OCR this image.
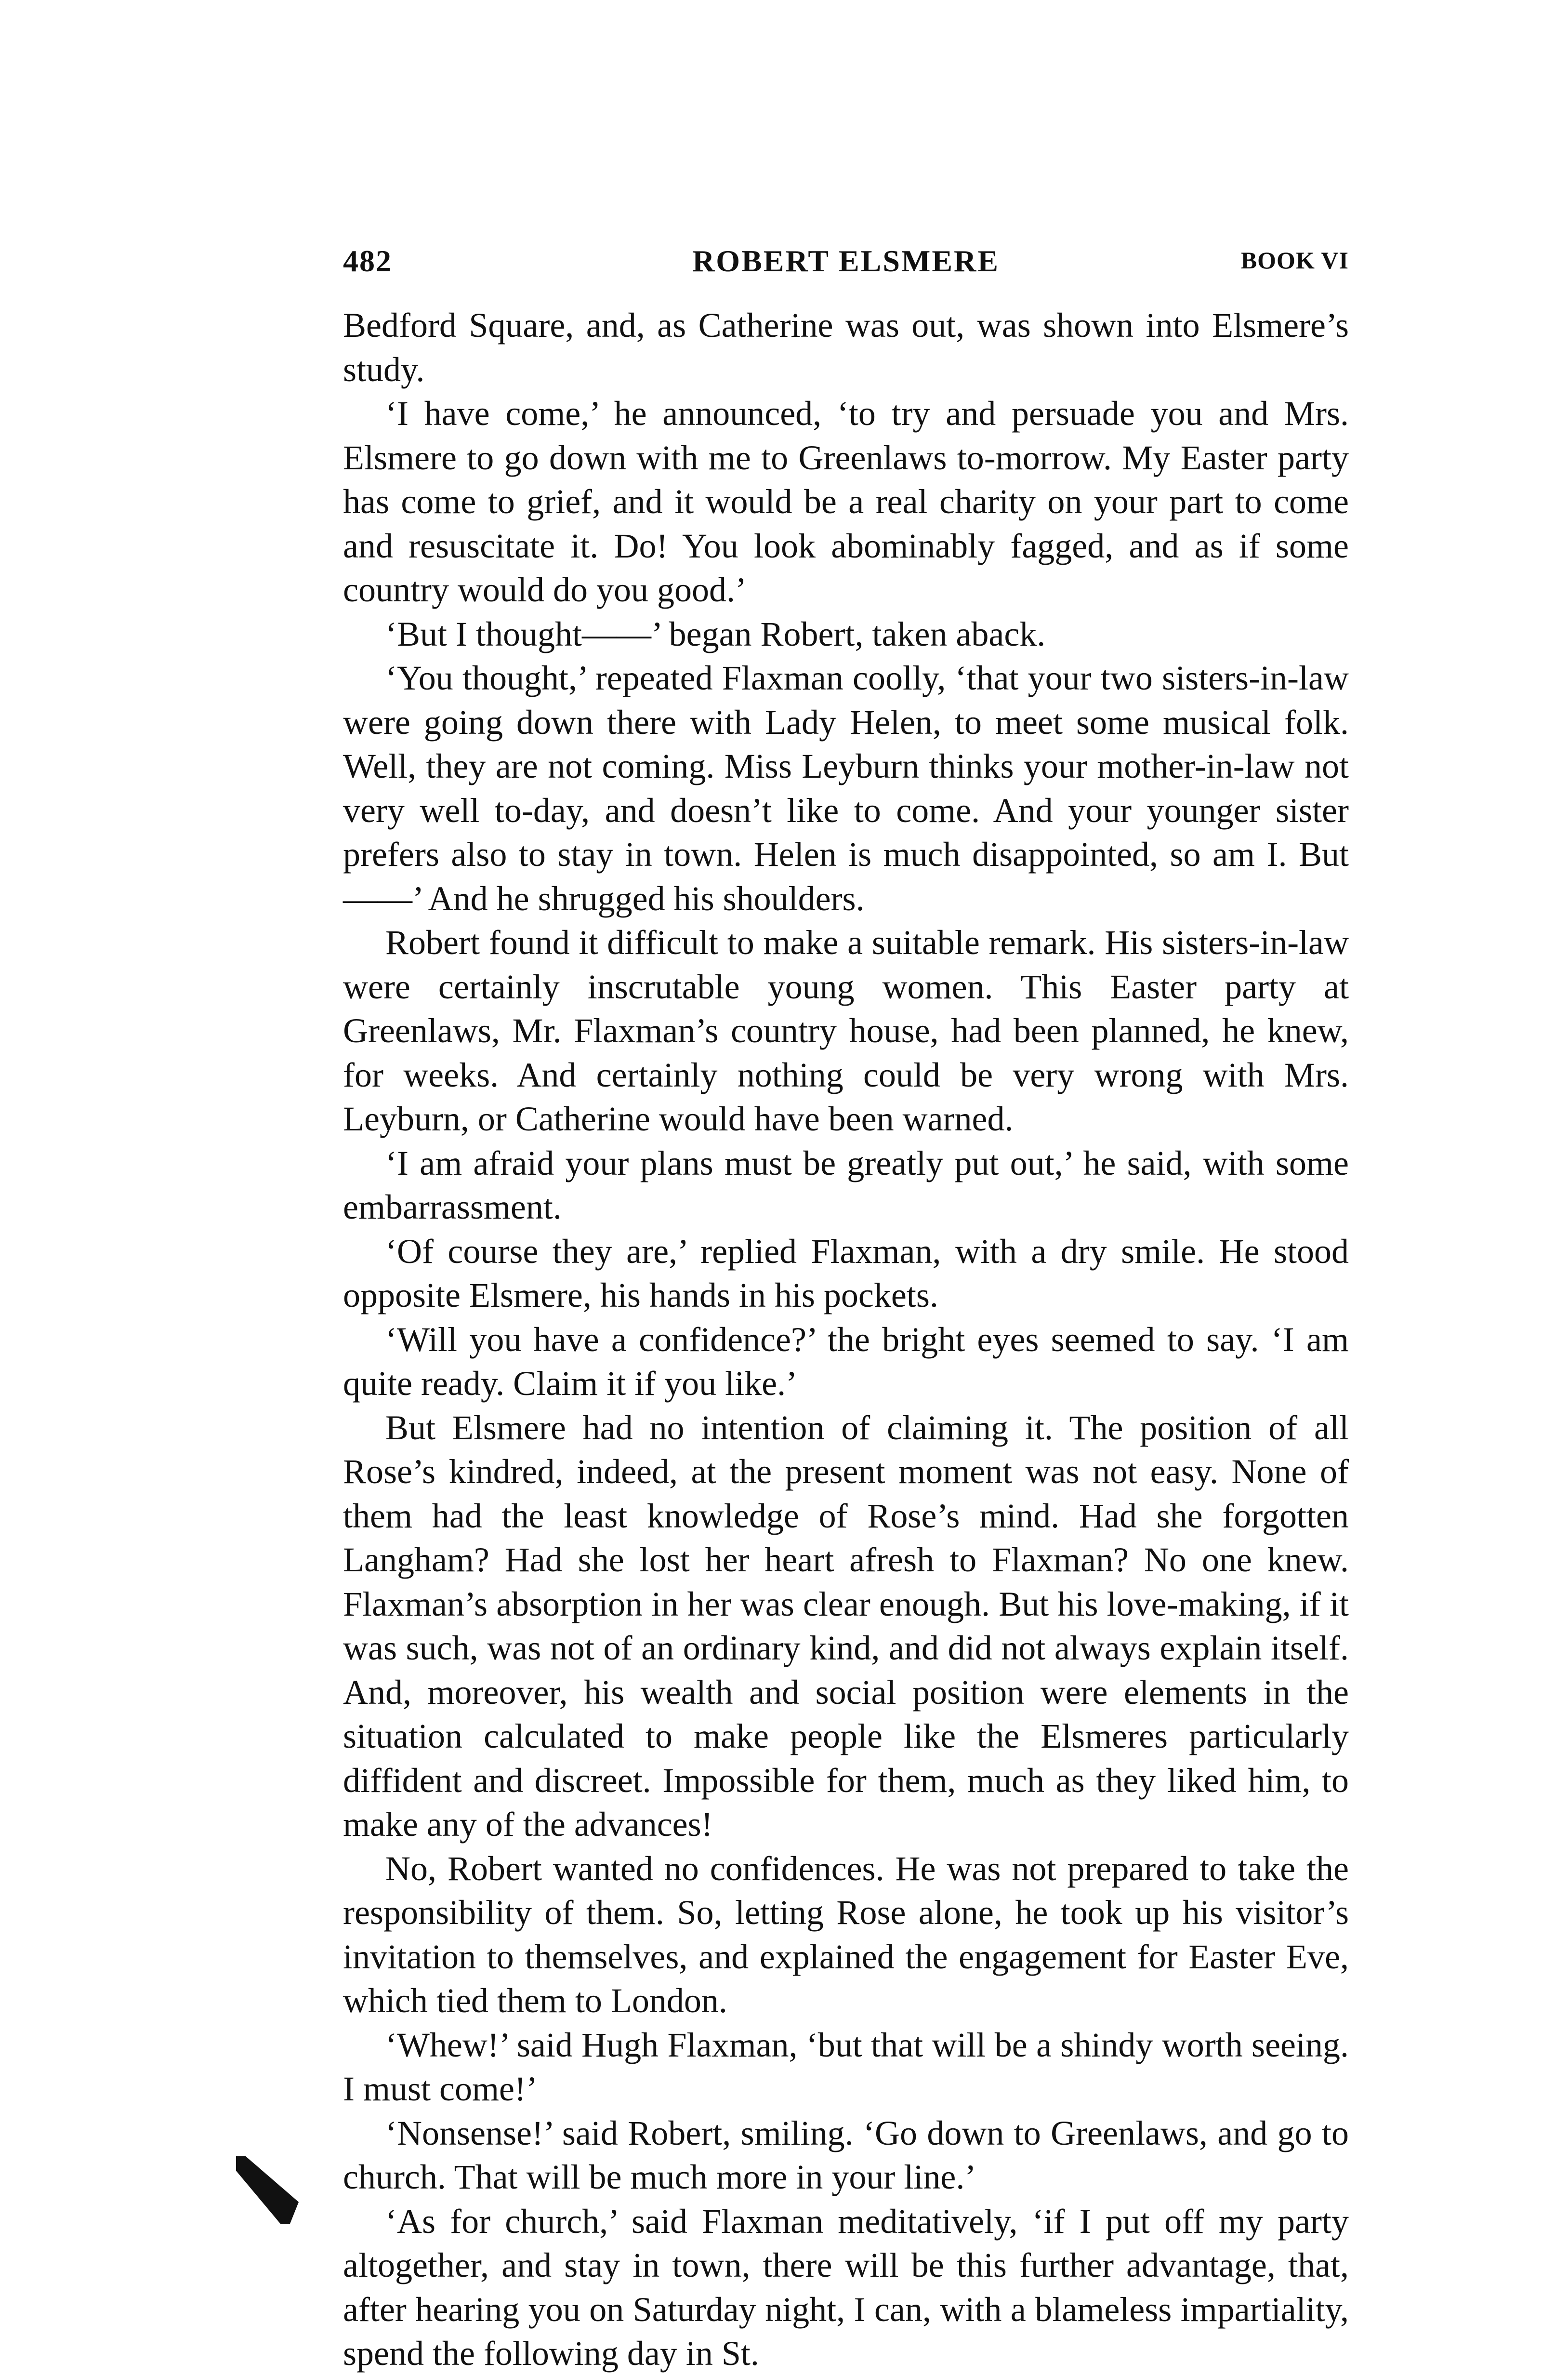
482	ROBERT ELSMERE	BOOK VI

Bedford Square, and, as Catherine was out, was shown into Elsmere’s study.

‘I have come,’ he announced, ‘to try and persuade you and Mrs. Elsmere to go down with me to Greenlaws to-morrow. My Easter party has come to grief, and it would be a real charity on your part to come and resuscitate it. Do! You look abominably fagged, and as if some country would do you good.’

‘But I thought——’ began Robert, taken aback.

‘You thought,’ repeated Flaxman coolly, ‘that your two sisters-in-law were going down there with Lady Helen, to meet some musical folk. Well, they are not coming. Miss Leyburn thinks your mother-in-law not very well to-day, and doesn’t like to come. And your younger sister prefers also to stay in town. Helen is much disappointed, so am I. But——’ And he shrugged his shoulders.

Robert found it difficult to make a suitable remark. His sisters-in-law were certainly inscrutable young women. This Easter party at Greenlaws, Mr. Flaxman’s country house, had been planned, he knew, for weeks. And certainly nothing could be very wrong with Mrs. Leyburn, or Catherine would have been warned.

‘I am afraid your plans must be greatly put out,’ he said, with some embarrassment.

‘Of course they are,’ replied Flaxman, with a dry smile. He stood opposite Elsmere, his hands in his pockets.

‘Will you have a confidence?’ the bright eyes seemed to say. ‘I am quite ready. Claim it if you like.’

But Elsmere had no intention of claiming it. The position of all Rose’s kindred, indeed, at the present moment was not easy. None of them had the least knowledge of Rose’s mind. Had she forgotten Langham? Had she lost her heart afresh to Flaxman? No one knew. Flaxman’s absorption in her was clear enough. But his love-making, if it was such, was not of an ordinary kind, and did not always explain itself. And, moreover, his wealth and social position were elements in the situation calculated to make people like the Elsmeres particularly diffident and discreet. Impossible for them, much as they liked him, to make any of the advances!

No, Robert wanted no confidences. He was not prepared to take the responsibility of them. So, letting Rose alone, he took up his visitor’s invitation to themselves, and explained the engagement for Easter Eve, which tied them to London.

‘Whew!’ said Hugh Flaxman, ‘but that will be a shindy worth seeing. I must come!’

‘Nonsense!’ said Robert, smiling. ‘Go down to Greenlaws, and go to church. That will be much more in your line.’

‘As for church,’ said Flaxman meditatively, ‘if I put off my party altogether, and stay in town, there will be this further advantage, that, after hearing you on Saturday night, I can, with a blameless impartiality, spend the following day in St.
